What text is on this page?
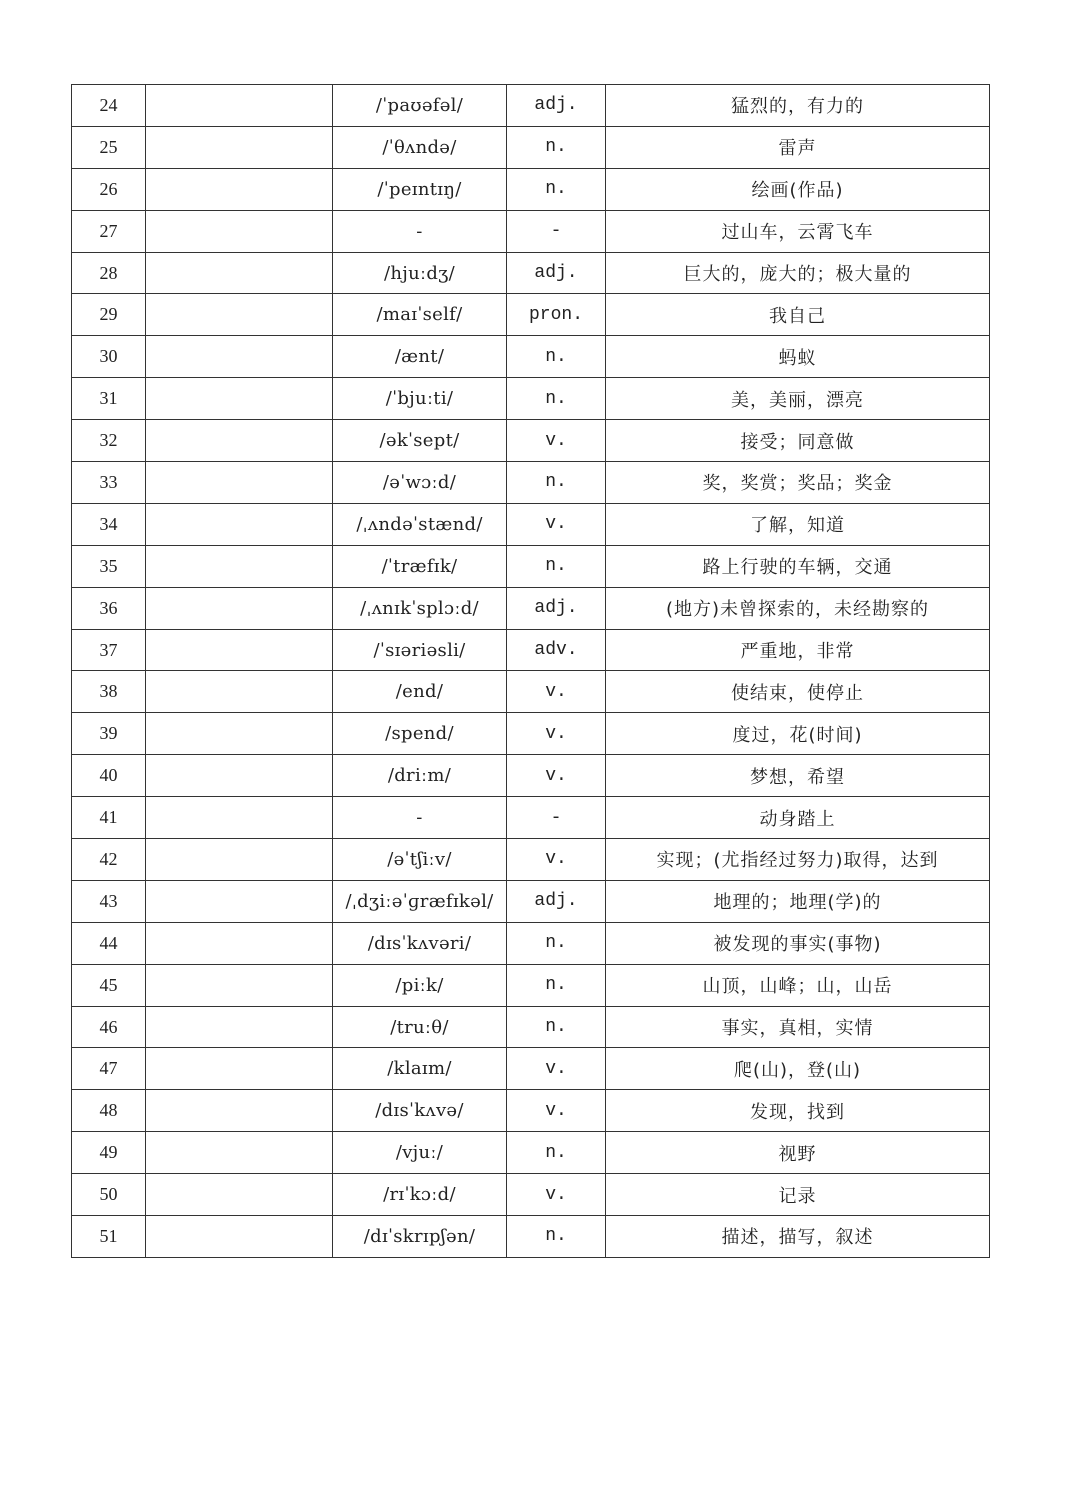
24		/ˈpaʊəfəl/	adj.	猛烈的，有力的
25		/ˈθʌndə/	n.	雷声
26		/ˈpeɪntɪŋ/	n.	绘画(作品)
27		-	-	过山车，云霄飞车
28		/hjuːdʒ/	adj.	巨大的，庞大的；极大量的
29		/maɪˈself/	pron.	我自己
30		/ænt/	n.	蚂蚁
31		/ˈbjuːti/	n.	美，美丽，漂亮
32		/əkˈsept/	v.	接受；同意做
33		/əˈwɔːd/	n.	奖，奖赏；奖品；奖金
34		/ˌʌndəˈstænd/	v.	了解，知道
35		/ˈtræfɪk/	n.	路上行驶的车辆，交通
36		/ˌʌnɪkˈsplɔːd/	adj.	(地方)未曾探索的，未经勘察的
37		/ˈsɪəriəsli/	adv.	严重地，非常
38		/end/	v.	使结束，使停止
39		/spend/	v.	度过，花(时间)
40		/driːm/	v.	梦想，希望
41		-	-	动身踏上
42		/əˈtʃiːv/	v.	实现；(尤指经过努力)取得，达到
43		/ˌdʒiːəˈɡræfɪkəl/	adj.	地理的；地理(学)的
44		/dɪsˈkʌvəri/	n.	被发现的事实(事物)
45		/piːk/	n.	山顶，山峰；山，山岳
46		/truːθ/	n.	事实，真相，实情
47		/klaɪm/	v.	爬(山)，登(山)
48		/dɪsˈkʌvə/	v.	发现，找到
49		/vjuː/	n.	视野
50		/rɪˈkɔːd/	v.	记录
51		/dɪˈskrɪpʃən/	n.	描述，描写，叙述
